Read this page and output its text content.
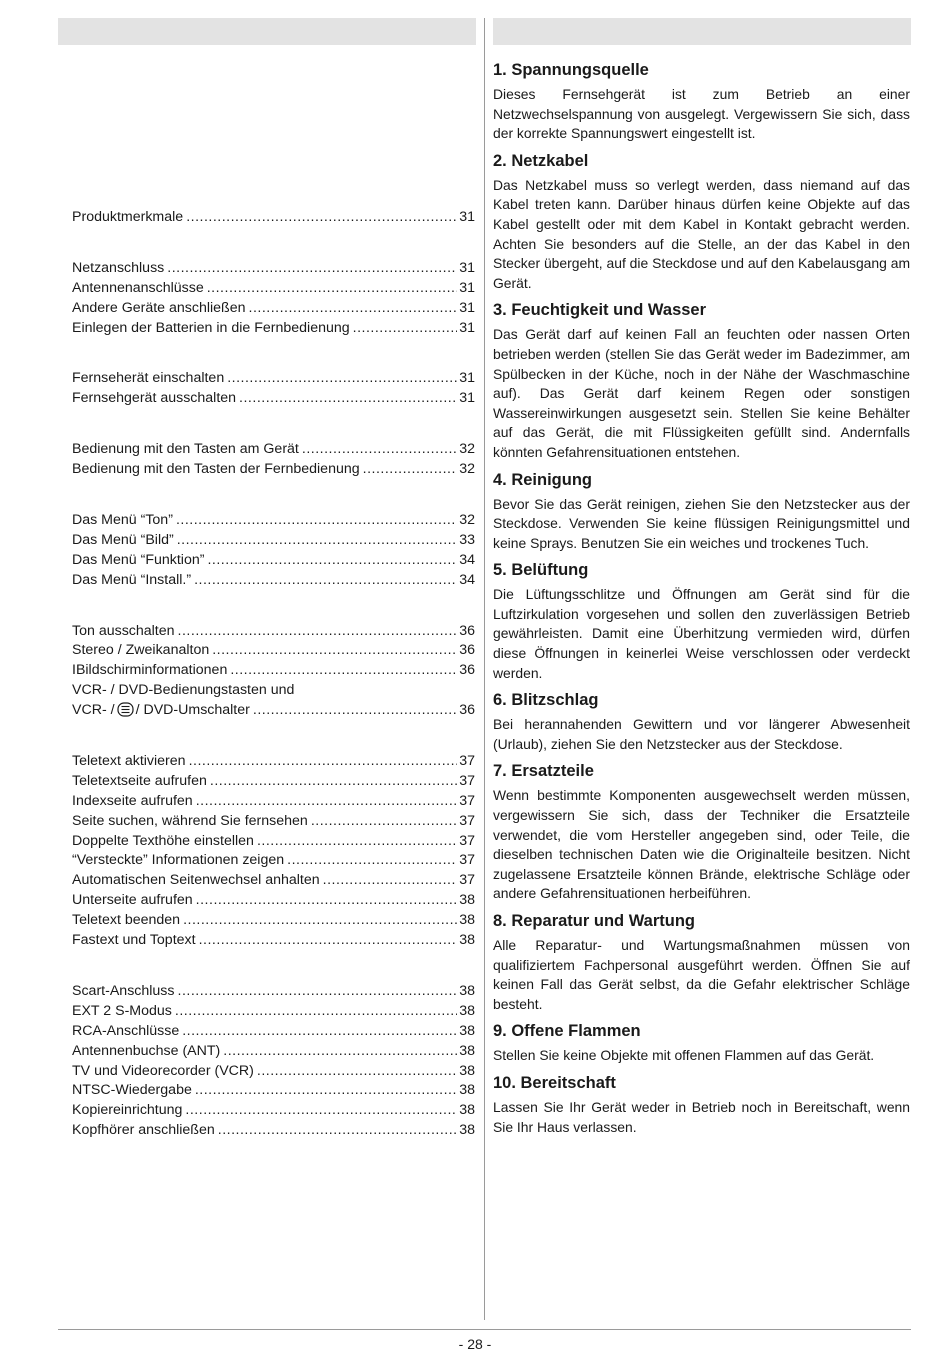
Produktmerkmale .....	31
Netzanschluss .....	31
Antennenanschlüsse .....	31
Andere Geräte anschließen .....	31
Einlegen der Batterien in die Fernbedienung .....	31
Fernseherät einschalten .....	31
Fernsehgerät ausschalten .....	31
Bedienung mit den Tasten am Gerät .....	32
Bedienung mit den Tasten der Fernbedienung .....	32
Das Menü “Ton” .....	32
Das Menü “Bild” .....	33
Das Menü “Funktion” .....	34
Das Menü “Install.” .....	34
Ton ausschalten .....	36
Stereo / Zweikanalton .....	36
IBildschirminformationen .....	36
VCR- / DVD-Bedienungstasten und
VCR- / / DVD-Umschalter .....	36
Teletext aktivieren .....	37
Teletextseite aufrufen .....	37
Indexseite aufrufen .....	37
Seite suchen, während Sie fernsehen .....	37
Doppelte Texthöhe einstellen .....	37
“Versteckte” Informationen zeigen .....	37
Automatischen Seitenwechsel anhalten .....	37
Unterseite aufrufen .....	38
Teletext beenden .....	38
Fastext und Toptext .....	38
Scart-Anschluss .....	38
EXT 2 S-Modus .....	38
RCA-Anschlüsse .....	38
Antennenbuchse (ANT) .....	38
TV und Videorecorder (VCR) .....	38
NTSC-Wiedergabe .....	38
Kopiereinrichtung .....	38
Kopfhörer anschließen .....	38
1. Spannungsquelle

Dieses Fernsehgerät ist zum Betrieb an einer Netzwechselspannung von ausgelegt. Vergewissern Sie sich, dass der korrekte Spannungswert eingestellt ist.

2. Netzkabel

Das Netzkabel muss so verlegt werden, dass niemand auf das Kabel treten kann. Darüber hinaus dürfen keine Objekte auf das Kabel gestellt oder mit dem Kabel in Kontakt gebracht werden. Achten Sie besonders auf die Stelle, an der das Kabel in den Stecker übergeht, auf die Steckdose und auf den Kabelausgang am Gerät.

3. Feuchtigkeit und Wasser

Das Gerät darf auf keinen Fall an feuchten oder nassen Orten betrieben werden (stellen Sie das Gerät weder im Badezimmer, am Spülbecken in der Küche, noch in der Nähe der Waschmaschine auf). Das Gerät darf keinem Regen oder sonstigen Wassereinwirkungen ausgesetzt sein. Stellen Sie keine Behälter auf das Gerät, die mit Flüssigkeiten gefüllt sind. Andernfalls könnten Gefahrensituationen entstehen.

4. Reinigung

Bevor Sie das Gerät reinigen, ziehen Sie den Netzstecker aus der Steckdose. Verwenden Sie keine flüssigen Reinigungsmittel und keine Sprays. Benutzen Sie ein weiches und trockenes Tuch.

5. Belüftung

Die Lüftungsschlitze und Öffnungen am Gerät sind für die Luftzirkulation vorgesehen und sollen den zuverlässigen Betrieb gewährleisten. Damit eine Überhitzung vermieden wird, dürfen diese Öffnungen in keinerlei Weise verschlossen oder verdeckt werden.

6. Blitzschlag

Bei herannahenden Gewittern und vor längerer Abwesenheit (Urlaub), ziehen Sie den Netzstecker aus der Steckdose.

7. Ersatzteile

Wenn bestimmte Komponenten ausgewechselt werden müssen, vergewissern Sie sich, dass der Techniker die Ersatzteile verwendet, die vom Hersteller angegeben sind, oder Teile, die dieselben technischen Daten wie die Originalteile besitzen. Nicht zugelassene Ersatzteile können Brände, elektrische Schläge oder andere Gefahrensituationen herbeiführen.

8. Reparatur und Wartung

Alle Reparatur- und Wartungsmaßnahmen müssen von qualifiziertem Fachpersonal ausgeführt werden. Öffnen Sie auf keinen Fall das Gerät selbst, da die Gefahr elektrischer Schläge besteht.

9. Offene Flammen

Stellen Sie keine Objekte mit offenen Flammen auf das Gerät.

10. Bereitschaft

Lassen Sie Ihr Gerät weder in Betrieb noch in Bereitschaft, wenn Sie Ihr Haus verlassen.

- 28 -
